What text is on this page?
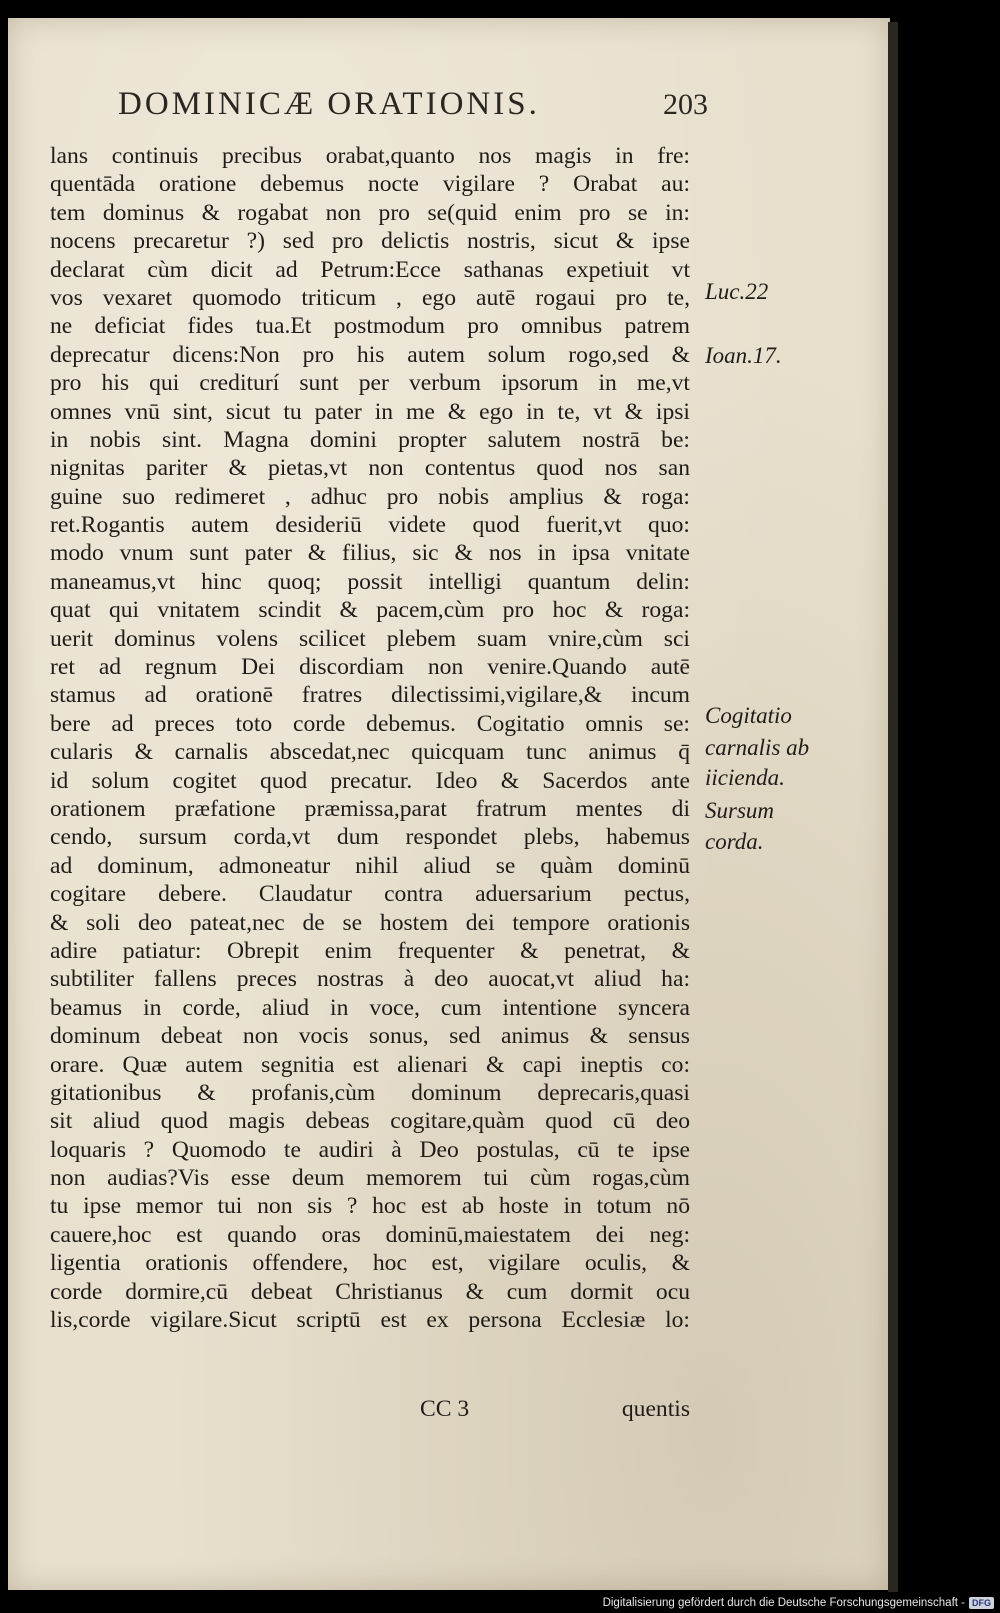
DOMINICÆ ORATIONIS.	203
lans continuis precibus orabat,quanto nos magis in fre:
quentāda oratione debemus nocte vigilare ? Orabat au:
tem dominus & rogabat non pro se(quid enim pro se in:
nocens precaretur ?) sed pro delictis nostris, sicut & ipse
declarat cùm dicit ad Petrum:Ecce sathanas expetiuit vt
vos vexaret quomodo triticum , ego autē rogaui pro te,
ne deficiat fides tua.Et postmodum pro omnibus patrem
deprecatur dicens:Non pro his autem solum rogo,sed &
pro his qui crediturí sunt per verbum ipsorum in me,vt
omnes vnū sint, sicut tu pater in me & ego in te, vt & ipsi
in nobis sint. Magna domini propter salutem nostrā be:
nignitas pariter & pietas,vt non contentus quod nos san
guine suo redimeret , adhuc pro nobis amplius & roga:
ret.Rogantis autem desideriū videte quod fuerit,vt quo:
modo vnum sunt pater & filius, sic & nos in ipsa vnitate
maneamus,vt hinc quoq; possit intelligi quantum delin:
quat qui vnitatem scindit & pacem,cùm pro hoc & roga:
uerit dominus volens scilicet plebem suam vnire,cùm sci
ret ad regnum Dei discordiam non venire.Quando autē
stamus ad orationē fratres dilectissimi,vigilare,& incum
bere ad preces toto corde debemus. Cogitatio omnis se:
cularis & carnalis abscedat,nec quicquam tunc animus q̄
id solum cogitet quod precatur. Ideo & Sacerdos ante
orationem præfatione præmissa,parat fratrum mentes di
cendo, sursum corda,vt dum respondet plebs, habemus
ad dominum, admoneatur nihil aliud se quàm dominū
cogitare debere. Claudatur contra aduersarium pectus,
& soli deo pateat,nec de se hostem dei tempore orationis
adire patiatur: Obrepit enim frequenter & penetrat, &
subtiliter fallens preces nostras à deo auocat,vt aliud ha:
beamus in corde, aliud in voce, cum intentione syncera
dominum debeat non vocis sonus, sed animus & sensus
orare. Quæ autem segnitia est alienari & capi ineptis co:
gitationibus & profanis,cùm dominum deprecaris,quasi
sit aliud quod magis debeas cogitare,quàm quod cū deo
loquaris ? Quomodo te audiri à Deo postulas, cū te ipse
non audias?Vis esse deum memorem tui cùm rogas,cùm
tu ipse memor tui non sis ? hoc est ab hoste in totum nō
cauere,hoc est quando oras dominū,maiestatem dei neg:
ligentia orationis offendere, hoc est, vigilare oculis, &
corde dormire,cū debeat Christianus & cum dormit ocu
lis,corde vigilare.Sicut scriptū est ex persona Ecclesiæ lo:
CC 3	quentis
Luc.22
Ioan.17.
Cogitatio
carnalis ab
iicienda.
Sursum
corda.
Digitalisierung gefördert durch die Deutsche Forschungsgemeinschaft - DFG
